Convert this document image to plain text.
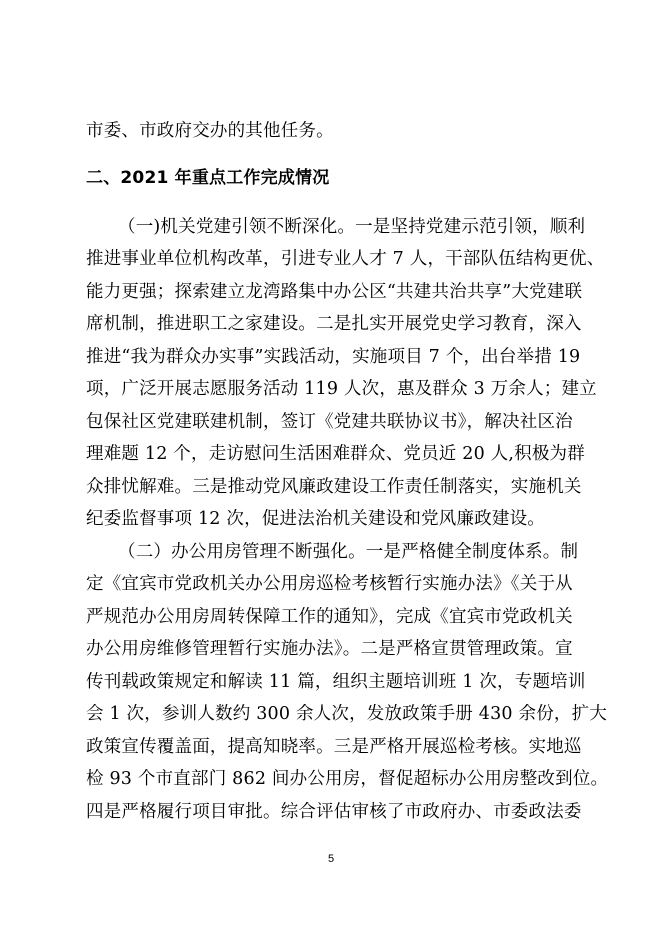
市委、市政府交办的其他任务。
二、2021 年重点工作完成情况
（一)机关党建引领不断深化。一是坚持党建示范引领，顺利
推进事业单位机构改革，引进专业人才 7 人，干部队伍结构更优、
能力更强；探索建立龙湾路集中办公区“共建共治共享”大党建联
席机制，推进职工之家建设。二是扎实开展党史学习教育，深入
推进“我为群众办实事”实践活动，实施项目 7 个，出台举措 19
项，广泛开展志愿服务活动 119 人次，惠及群众 3 万余人；建立
包保社区党建联建机制，签订《党建共联协议书》，解决社区治
理难题 12 个，走访慰问生活困难群众、党员近 20 人,积极为群
众排忧解难。三是推动党风廉政建设工作责任制落实，实施机关
纪委监督事项 12 次，促进法治机关建设和党风廉政建设。
（二）办公用房管理不断强化。一是严格健全制度体系。制
定《宜宾市党政机关办公用房巡检考核暂行实施办法》《关于从
严规范办公用房周转保障工作的通知》，完成《宜宾市党政机关
办公用房维修管理暂行实施办法》。二是严格宣贯管理政策。宣
传刊载政策规定和解读 11 篇，组织主题培训班 1 次，专题培训
会 1 次，参训人数约 300 余人次，发放政策手册 430 余份，扩大
政策宣传覆盖面，提高知晓率。三是严格开展巡检考核。实地巡
检 93 个市直部门 862 间办公用房，督促超标办公用房整改到位。
四是严格履行项目审批。综合评估审核了市政府办、市委政法委
5
